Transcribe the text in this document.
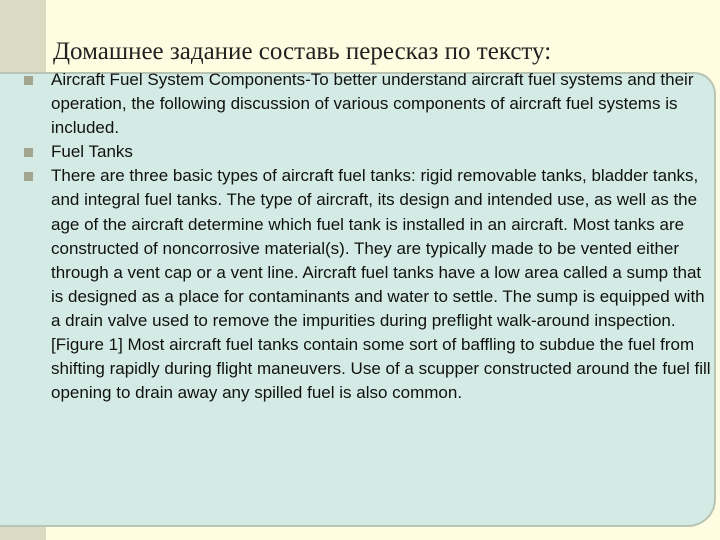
Домашнее задание составь пересказ по тексту:
Aircraft Fuel System Components-To better understand aircraft fuel systems and their operation, the following discussion of various components of aircraft fuel systems is included.
Fuel Tanks
There are three basic types of aircraft fuel tanks: rigid removable tanks, bladder tanks, and integral fuel tanks. The type of aircraft, its design and intended use, as well as the age of the aircraft determine which fuel tank is installed in an aircraft. Most tanks are constructed of noncorrosive material(s). They are typically made to be vented either through a vent cap or a vent line. Aircraft fuel tanks have a low area called a sump that is designed as a place for contaminants and water to settle. The sump is equipped with a drain valve used to remove the impurities during preflight walk-around inspection. [Figure 1] Most aircraft fuel tanks contain some sort of baffling to subdue the fuel from shifting rapidly during flight maneuvers. Use of a scupper constructed around the fuel fill opening to drain away any spilled fuel is also common.
